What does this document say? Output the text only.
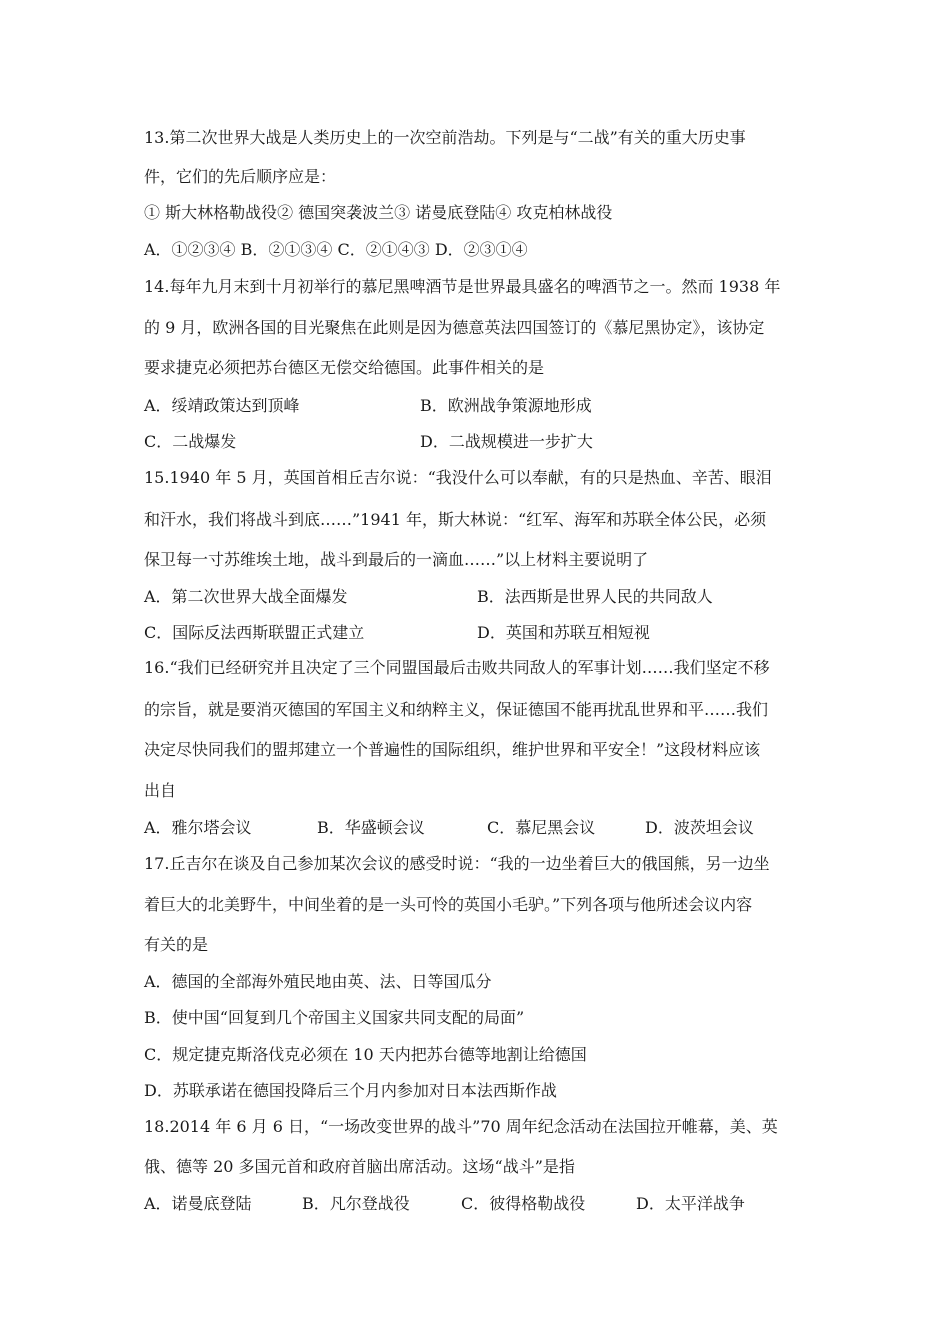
13.第二次世界大战是人类历史上的一次空前浩劫。下列是与“二战”有关的重大历史事
件，它们的先后顺序应是：
① 斯大林格勒战役② 德国突袭波兰③ 诺曼底登陆④ 攻克柏林战役
A．①②③④ B．②①③④ C．②①④③ D．②③①④
14.每年九月末到十月初举行的慕尼黑啤酒节是世界最具盛名的啤酒节之一。然而 1938 年
的 9 月，欧洲各国的目光聚焦在此则是因为德意英法四国签订的《慕尼黑协定》，该协定
要求捷克必须把苏台德区无偿交给德国。此事件相关的是
A．绥靖政策达到顶峰	B．欧洲战争策源地形成
C．二战爆发	D．二战规模进一步扩大
15.1940 年 5 月，英国首相丘吉尔说：“我没什么可以奉献，有的只是热血、辛苦、眼泪
和汗水，我们将战斗到底……”1941 年，斯大林说：“红军、海军和苏联全体公民，必须
保卫每一寸苏维埃土地，战斗到最后的一滴血……”以上材料主要说明了
A．第二次世界大战全面爆发	B．法西斯是世界人民的共同敌人
C．国际反法西斯联盟正式建立	D．英国和苏联互相短视
16.“我们已经研究并且决定了三个同盟国最后击败共同敌人的军事计划……我们坚定不移
的宗旨，就是要消灭德国的军国主义和纳粹主义，保证德国不能再扰乱世界和平……我们
决定尽快同我们的盟邦建立一个普遍性的国际组织，维护世界和平安全！”这段材料应该
出自
A．雅尔塔会议	B．华盛顿会议	C．慕尼黑会议	D．波茨坦会议
17.丘吉尔在谈及自己参加某次会议的感受时说：“我的一边坐着巨大的俄国熊，另一边坐
着巨大的北美野牛，中间坐着的是一头可怜的英国小毛驴。”下列各项与他所述会议内容
有关的是
A．德国的全部海外殖民地由英、法、日等国瓜分
B．使中国“回复到几个帝国主义国家共同支配的局面”
C．规定捷克斯洛伐克必须在 10 天内把苏台德等地割让给德国
D．苏联承诺在德国投降后三个月内参加对日本法西斯作战
18.2014 年 6 月 6 日，“一场改变世界的战斗”70 周年纪念活动在法国拉开帷幕，美、英
俄、德等 20 多国元首和政府首脑出席活动。这场“战斗”是指
A．诺曼底登陆	B．凡尔登战役	C．彼得格勒战役	D．太平洋战争
